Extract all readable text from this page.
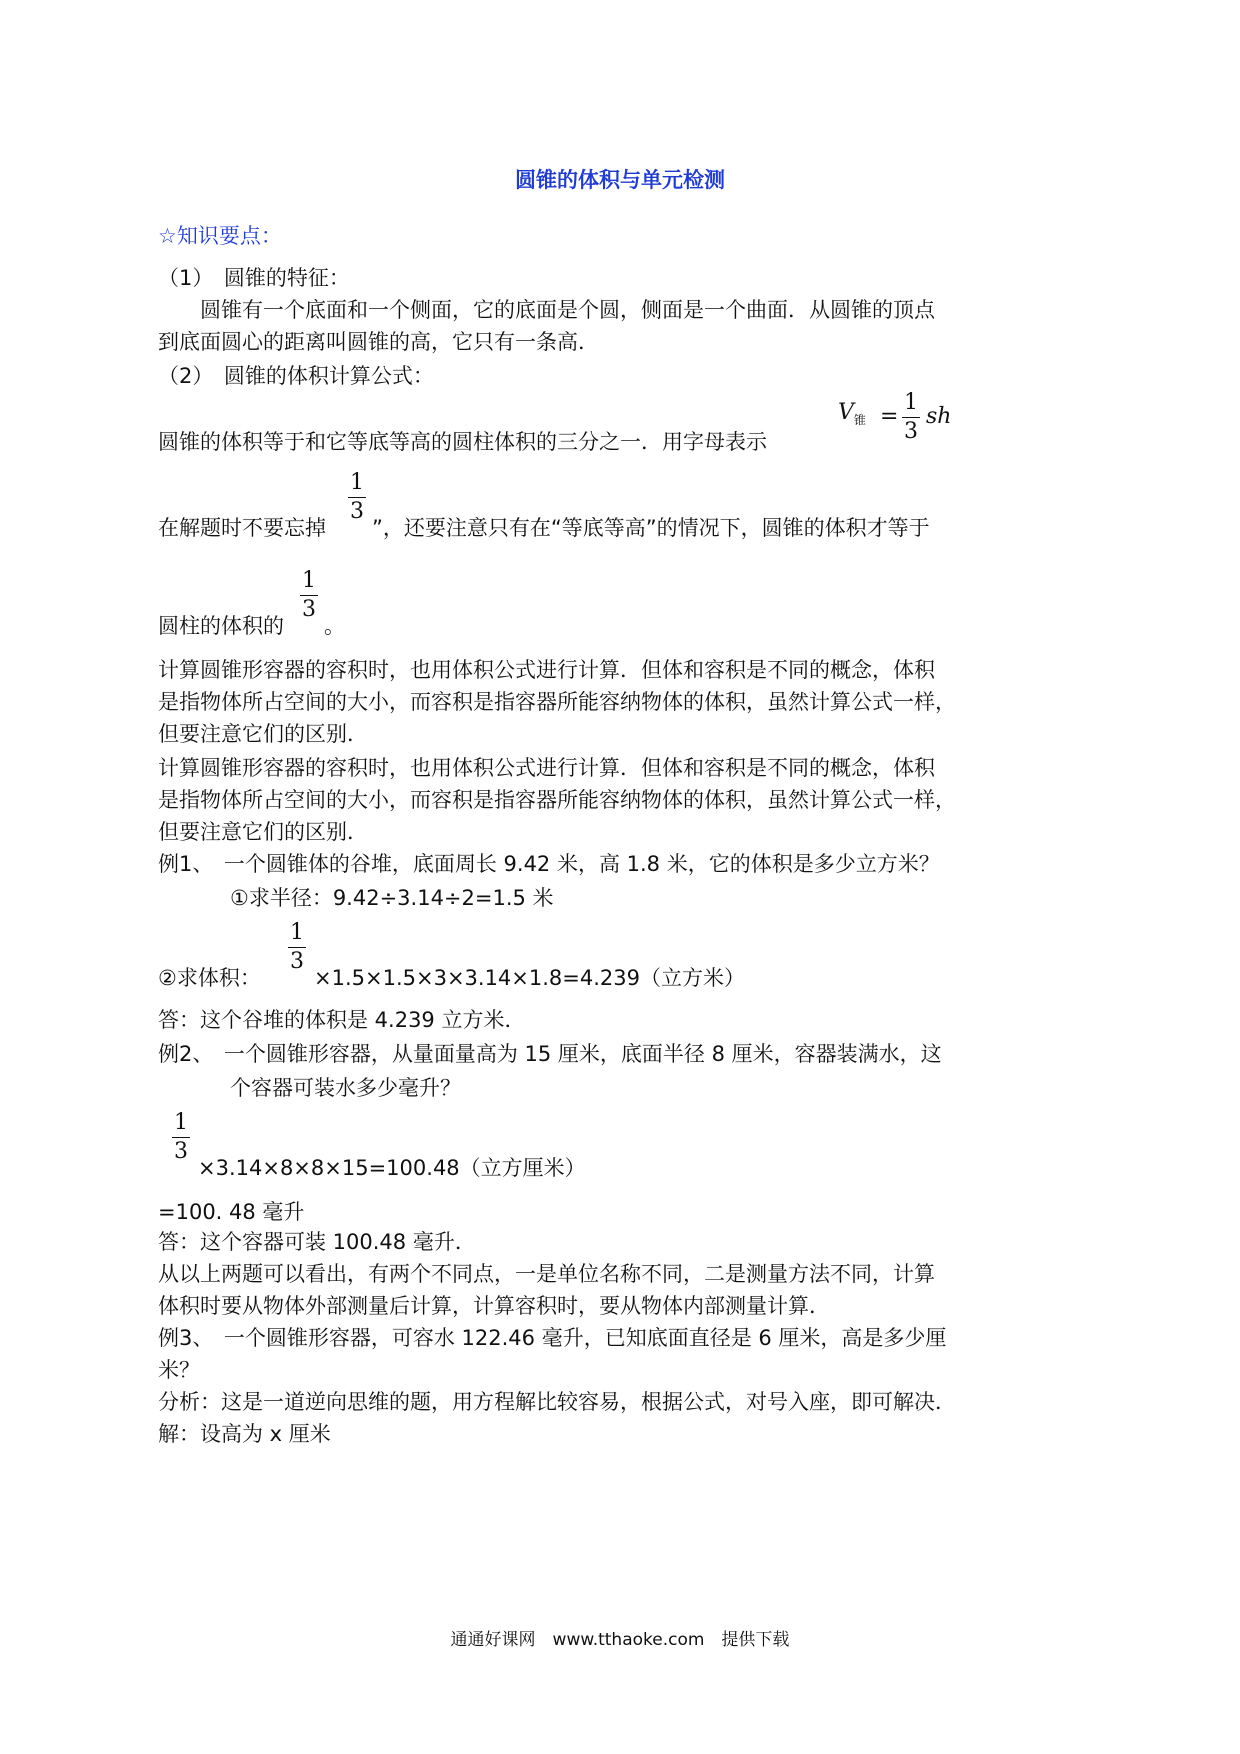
圆锥的体积与单元检测
☆知识要点：
（1）　圆锥的特征：
　　圆锥有一个底面和一个侧面，它的底面是个圆，侧面是一个曲面．从圆锥的顶点
到底面圆心的距离叫圆锥的高，它只有一条高．
（2）　圆锥的体积计算公式：
圆锥的体积等于和它等底等高的圆柱体积的三分之一．用字母表示
$V_锥$ =
1
3
sh
在解题时不要忘掉
1
3
”，还要注意只有在“等底等高”的情况下，圆锥的体积才等于
圆柱的体积的
1
3
。
计算圆锥形容器的容积时，也用体积公式进行计算．但体和容积是不同的概念，体积
是指物体所占空间的大小，而容积是指容器所能容纳物体的体积，虽然计算公式一样，
但要注意它们的区别．
计算圆锥形容器的容积时，也用体积公式进行计算．但体和容积是不同的概念，体积
是指物体所占空间的大小，而容积是指容器所能容纳物体的体积，虽然计算公式一样，
但要注意它们的区别．
例1、　一个圆锥体的谷堆，底面周长 9.42 米，高 1.8 米，它的体积是多少立方米？
①求半径：9.42÷3.14÷2=1.5 米
②求体积：
1
3
×1.5×1.5×3×3.14×1.8=4.239（立方米）
答：这个谷堆的体积是 4.239 立方米．
例2、　一个圆锥形容器，从量面量高为 15 厘米，底面半径 8 厘米，容器装满水，这
个容器可装水多少毫升？
1
3
×3.14×8×8×15=100.48（立方厘米）
=100. 48 毫升
答：这个容器可装 100.48 毫升．
从以上两题可以看出，有两个不同点，一是单位名称不同，二是测量方法不同，计算
体积时要从物体外部测量后计算，计算容积时，要从物体内部测量计算．
例3、　一个圆锥形容器，可容水 122.46 毫升，已知底面直径是 6 厘米，高是多少厘
米？
分析：这是一道逆向思维的题，用方程解比较容易，根据公式，对号入座，即可解决．
解：设高为 x 厘米
通通好课网　www.tthaoke.com　提供下载
